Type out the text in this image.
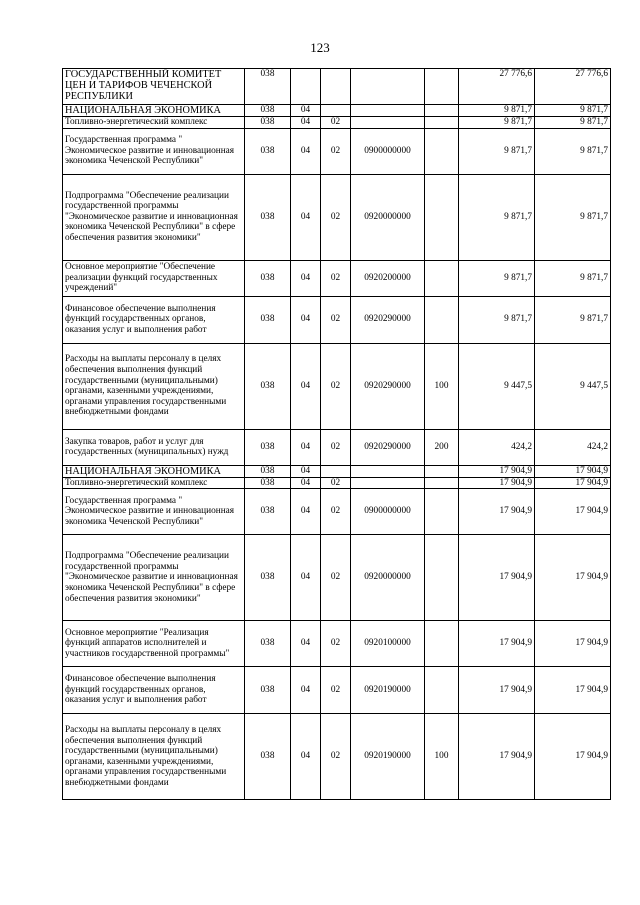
123
ГОСУДАРСТВЕННЫЙ КОМИТЕТ ЦЕН И ТАРИФОВ ЧЕЧЕНСКОЙ РЕСПУБЛИКИ	038					27 776,6	27 776,6
НАЦИОНАЛЬНАЯ ЭКОНОМИКА	038	04				9 871,7	9 871,7
Топливно-энергетический комплекс	038	04	02			9 871,7	9 871,7
Государственная программа " Экономическое развитие и инновационная экономика Чеченской Республики"	038	04	02	0900000000		9 871,7	9 871,7
Подпрограмма "Обеспечение реализации государственной программы "Экономическое развитие и инновационная экономика Чеченской Республики" в сфере обеспечения развития экономики"	038	04	02	0920000000		9 871,7	9 871,7
Основное мероприятие "Обеспечение реализации функций государственных учреждений"	038	04	02	0920200000		9 871,7	9 871,7
Финансовое обеспечение выполнения функций государственных органов, оказания услуг и выполнения работ	038	04	02	0920290000		9 871,7	9 871,7
Расходы на выплаты персоналу в целях обеспечения выполнения функций государственными (муниципальными) органами, казенными учреждениями, органами управления государственными внебюджетными фондами	038	04	02	0920290000	100	9 447,5	9 447,5
Закупка товаров, работ и услуг для государственных (муниципальных) нужд	038	04	02	0920290000	200	424,2	424,2
НАЦИОНАЛЬНАЯ ЭКОНОМИКА	038	04				17 904,9	17 904,9
Топливно-энергетический комплекс	038	04	02			17 904,9	17 904,9
Государственная программа " Экономическое развитие и инновационная экономика Чеченской Республики"	038	04	02	0900000000		17 904,9	17 904,9
Подпрограмма "Обеспечение реализации государственной программы "Экономическое развитие и инновационная экономика Чеченской Республики" в сфере обеспечения развития экономики"	038	04	02	0920000000		17 904,9	17 904,9
Основное мероприятие "Реализация функций аппаратов исполнителей и участников государственной программы"	038	04	02	0920100000		17 904,9	17 904,9
Финансовое обеспечение выполнения функций государственных органов, оказания услуг и выполнения работ	038	04	02	0920190000		17 904,9	17 904,9
Расходы на выплаты персоналу в целях обеспечения выполнения функций государственными (муниципальными) органами, казенными учреждениями, органами управления государственными внебюджетными фондами	038	04	02	0920190000	100	17 904,9	17 904,9
